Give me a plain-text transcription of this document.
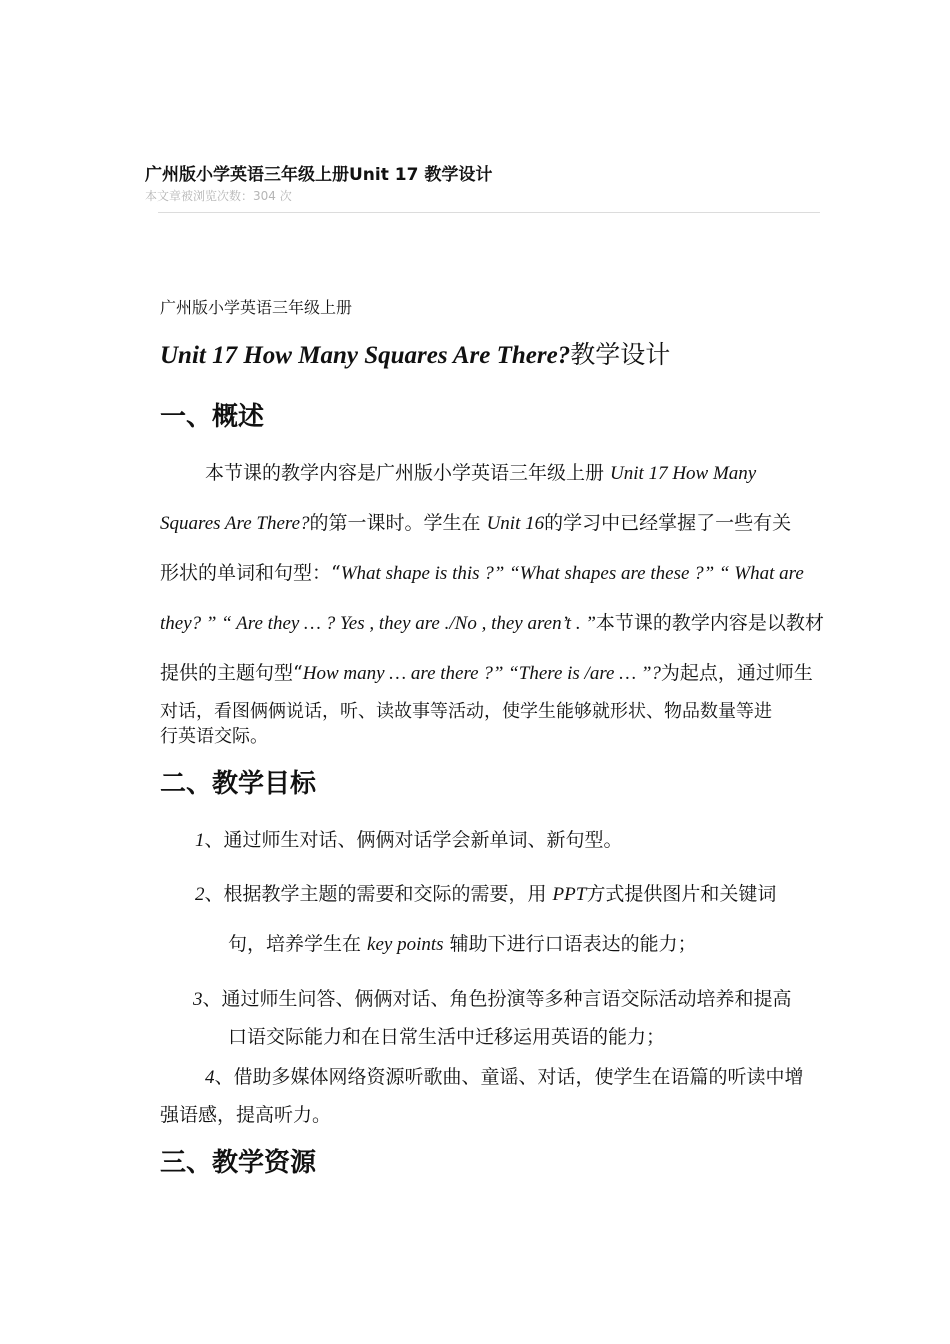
广州版小学英语三年级上册Unit 17 教学设计
本文章被浏览次数：304 次
广州版小学英语三年级上册
Unit 17 How Many Squares Are There?教学设计
一、概述
本节课的教学内容是广州版小学英语三年级上册 Unit 17 How Many
Squares Are There?的第一课时。学生在 Unit 16的学习中已经掌握了一些有关
形状的单词和句型：“What shape is this ?” “What shapes are these ?” “ What are
they? ” “ Are they … ? Yes , they are ./No , they aren’t . ”本节课的教学内容是以教材
提供的主题句型“How many … are there ?” “There is /are … ”?为起点，通过师生
对话，看图俩俩说话，听、读故事等活动，使学生能够就形状、物品数量等进
行英语交际。
二、教学目标
1、通过师生对话、俩俩对话学会新单词、新句型。
2、根据教学主题的需要和交际的需要，用 PPT方式提供图片和关键词
句，培养学生在 key points 辅助下进行口语表达的能力；
3、通过师生问答、俩俩对话、角色扮演等多种言语交际活动培养和提高
口语交际能力和在日常生活中迁移运用英语的能力；
4、借助多媒体网络资源听歌曲、童谣、对话，使学生在语篇的听读中增
强语感，提高听力。
三、教学资源
